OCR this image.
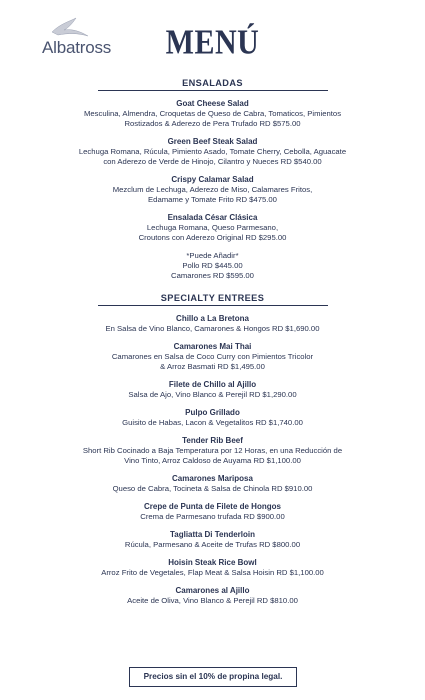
Albatross	MENÚ
ENSALADAS
Goat Cheese Salad
Mesculina, Almendra, Croquetas de Queso de Cabra, Tomaticos, Pimientos
Rostizados & Aderezo de Pera Trufado RD $575.00
Green Beef Steak Salad
Lechuga Romana, Rúcula, Pimiento Asado, Tomate Cherry, Cebolla, Aguacate
con Aderezo de Verde de Hinojo, Cilantro y Nueces RD $540.00
Crispy Calamar Salad
Mezclum de Lechuga, Aderezo de Miso, Calamares Fritos,
Edamame y Tomate Frito RD $475.00
Ensalada César Clásica
Lechuga Romana, Queso Parmesano,
Croutons con Aderezo Original RD $295.00
*Puede Añadir*
Pollo RD $445.00
Camarones RD $595.00
SPECIALTY ENTREES
Chillo a La Bretona
En Salsa de Vino Blanco, Camarones & Hongos RD $1,690.00
Camarones Mai Thai
Camarones en Salsa de Coco Curry con Pimientos Tricolor
& Arroz Basmati RD $1,495.00
Filete de Chillo al Ajillo
Salsa de Ajo, Vino Blanco & Perejil RD $1,290.00
Pulpo Grillado
Guisito de Habas, Lacon & Vegetalitos RD $1,740.00
Tender Rib Beef
Short Rib Cocinado a Baja Temperatura por 12 Horas, en una Reducción de
Vino Tinto, Arroz Caldoso de Auyama RD $1,100.00
Camarones Mariposa
Queso de Cabra, Tocineta & Salsa de Chinola RD $910.00
Crepe de Punta de Filete de Hongos
Crema de Parmesano trufada RD $900.00
Tagliatta Di Tenderloin
Rúcula, Parmesano & Aceite de Trufas RD $800.00
Hoisin Steak Rice Bowl
Arroz Frito de Vegetales, Flap Meat & Salsa Hoisin RD $1,100.00
Camarones al Ajillo
Aceite de Oliva, Vino Blanco & Perejil RD $810.00
Precios sin el 10% de propina legal.
